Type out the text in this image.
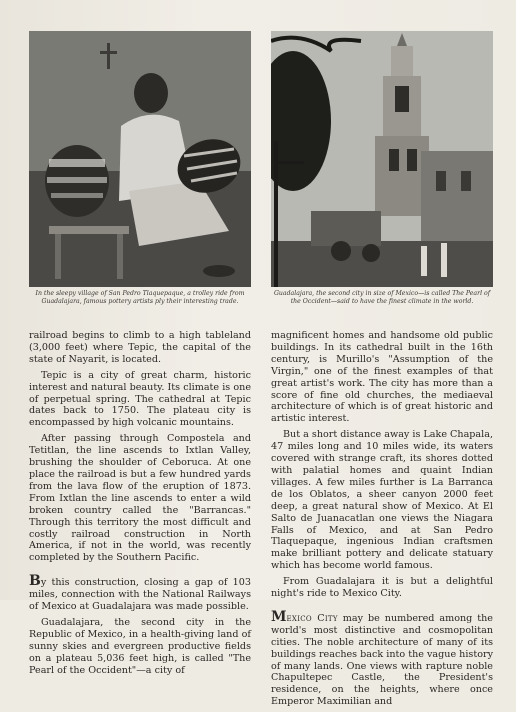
In the sleepy village of San Pedro Tlaquepaque, a trolley ride from Guadalajara, famous pottery artists ply their interesting trade.
Guadalajara, the second city in size of Mexico—is called The Pearl of the Occident—said to have the finest climate in the world.

railroad begins to climb to a high tableland (3,000 feet) where Tepic, the capital of the state of Nayarit, is located.

Tepic is a city of great charm, historic interest and natural beauty. Its climate is one of perpetual spring. The cathedral at Tepic dates back to 1750. The plateau city is encompassed by high volcanic mountains.

After passing through Compostela and Tetitlan, the line ascends to Ixtlan Valley, brushing the shoulder of Ceboruca. At one place the railroad is but a few hundred yards from the lava flow of the eruption of 1873. From Ixtlan the line ascends to enter a wild broken country called the "Barrancas." Through this territory the most difficult and costly railroad construction in North America, if not in the world, was recently completed by the Southern Pacific.

By this construction, closing a gap of 103 miles, connection with the National Railways of Mexico at Guadalajara was made possible.

Guadalajara, the second city in the Republic of Mexico, in a health-giving land of sunny skies and evergreen productive fields on a plateau 5,036 feet high, is called "The Pearl of the Occident"—a city of

magnificent homes and handsome old public buildings. In its cathedral built in the 16th century, is Murillo's "Assumption of the Virgin," one of the finest examples of that great artist's work. The city has more than a score of fine old churches, the mediaeval architecture of which is of great historic and artistic interest.

But a short distance away is Lake Chapala, 47 miles long and 10 miles wide, its waters covered with strange craft, its shores dotted with palatial homes and quaint Indian villages. A few miles further is La Barranca de los Oblatos, a sheer canyon 2000 feet deep, a great natural show of Mexico. At El Salto de Juanacatlan one views the Niagara Falls of Mexico, and at San Pedro Tlaquepaque, ingenious Indian craftsmen make brilliant pottery and delicate statuary which has become world famous.

From Guadalajara it is but a delightful night's ride to Mexico City.

Mexico City may be numbered among the world's most distinctive and cosmopolitan cities. The noble architecture of many of its buildings reaches back into the vague history of many lands. One views with rapture noble Chapultepec Castle, the President's residence, on the heights, where once Emperor Maximilian and
